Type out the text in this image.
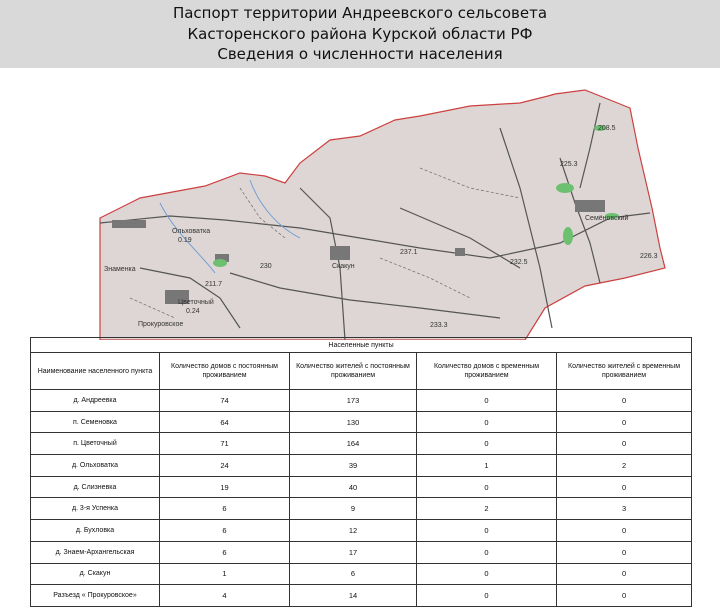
Паспорт территории Андреевского сельсовета
Касторенского района Курской области РФ
Сведения о численности населения
Ольховатка
0.19
Знаменка
Цветочный
0.24
Скакун
Семёновский
208.5
225.3
232.5
237.1
233.3
226.3
230
211.7
Прокуровское
Населенные пункты				
Наименование населенного пункта	Количество домов с постоянным проживанием	Количество жителей с постоянным проживанием	Количество домов с временным проживанием	Количество жителей с временным проживанием
д. Андреевка	74	173	0	0
п. Семеновка	64	130	0	0
п. Цветочный	71	164	0	0
д. Ольховатка	24	39	1	2
д. Слизневка	19	40	0	0
д. 3-я Успенка	6	9	2	3
д. Бухловка	6	12	0	0
д. Знаем-Архангельская	6	17	0	0
д. Скакун	1	6	0	0
Разъезд « Прокуровское»	4	14	0	0
